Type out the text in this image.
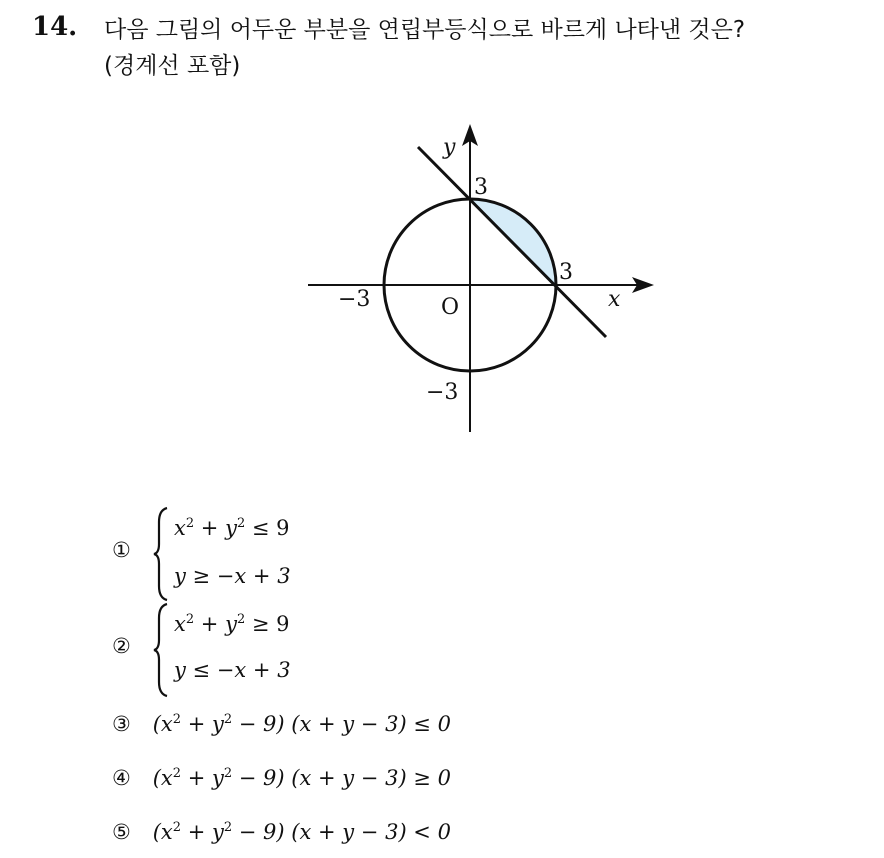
14. 다음 그림의 어두운 부분을 연립부등식으로 바르게 나타낸 것은?
(경계선 포함)
y
x
O
3
3
−3
−3
①
$x^2 + y^2 \le 9$
y ≥ −x + 3
②
$x^2 + y^2 \ge 9$
y ≤ −x + 3
③ $(x^2 + y^2 - 9) (x + y - 3) \le 0$
④ $(x^2 + y^2 - 9) (x + y - 3) \ge 0$
⑤ $(x^2 + y^2 - 9) (x + y - 3) < 0$
